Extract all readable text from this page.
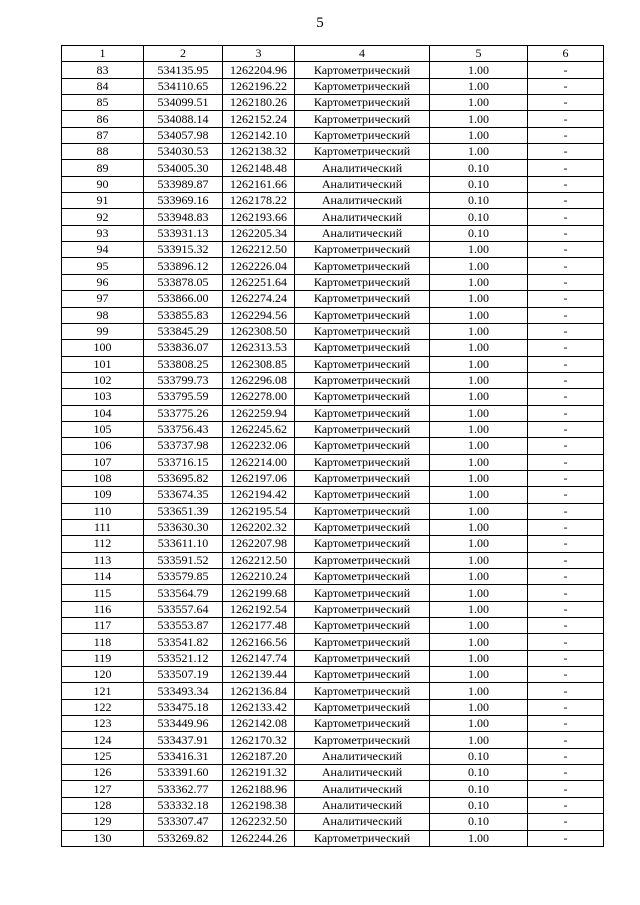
5
1	2	3	4	5	6
83	534135.95	1262204.96	Картометрический	1.00	-
84	534110.65	1262196.22	Картометрический	1.00	-
85	534099.51	1262180.26	Картометрический	1.00	-
86	534088.14	1262152.24	Картометрический	1.00	-
87	534057.98	1262142.10	Картометрический	1.00	-
88	534030.53	1262138.32	Картометрический	1.00	-
89	534005.30	1262148.48	Аналитический	0.10	-
90	533989.87	1262161.66	Аналитический	0.10	-
91	533969.16	1262178.22	Аналитический	0.10	-
92	533948.83	1262193.66	Аналитический	0.10	-
93	533931.13	1262205.34	Аналитический	0.10	-
94	533915.32	1262212.50	Картометрический	1.00	-
95	533896.12	1262226.04	Картометрический	1.00	-
96	533878.05	1262251.64	Картометрический	1.00	-
97	533866.00	1262274.24	Картометрический	1.00	-
98	533855.83	1262294.56	Картометрический	1.00	-
99	533845.29	1262308.50	Картометрический	1.00	-
100	533836.07	1262313.53	Картометрический	1.00	-
101	533808.25	1262308.85	Картометрический	1.00	-
102	533799.73	1262296.08	Картометрический	1.00	-
103	533795.59	1262278.00	Картометрический	1.00	-
104	533775.26	1262259.94	Картометрический	1.00	-
105	533756.43	1262245.62	Картометрический	1.00	-
106	533737.98	1262232.06	Картометрический	1.00	-
107	533716.15	1262214.00	Картометрический	1.00	-
108	533695.82	1262197.06	Картометрический	1.00	-
109	533674.35	1262194.42	Картометрический	1.00	-
110	533651.39	1262195.54	Картометрический	1.00	-
111	533630.30	1262202.32	Картометрический	1.00	-
112	533611.10	1262207.98	Картометрический	1.00	-
113	533591.52	1262212.50	Картометрический	1.00	-
114	533579.85	1262210.24	Картометрический	1.00	-
115	533564.79	1262199.68	Картометрический	1.00	-
116	533557.64	1262192.54	Картометрический	1.00	-
117	533553.87	1262177.48	Картометрический	1.00	-
118	533541.82	1262166.56	Картометрический	1.00	-
119	533521.12	1262147.74	Картометрический	1.00	-
120	533507.19	1262139.44	Картометрический	1.00	-
121	533493.34	1262136.84	Картометрический	1.00	-
122	533475.18	1262133.42	Картометрический	1.00	-
123	533449.96	1262142.08	Картометрический	1.00	-
124	533437.91	1262170.32	Картометрический	1.00	-
125	533416.31	1262187.20	Аналитический	0.10	-
126	533391.60	1262191.32	Аналитический	0.10	-
127	533362.77	1262188.96	Аналитический	0.10	-
128	533332.18	1262198.38	Аналитический	0.10	-
129	533307.47	1262232.50	Аналитический	0.10	-
130	533269.82	1262244.26	Картометрический	1.00	-
